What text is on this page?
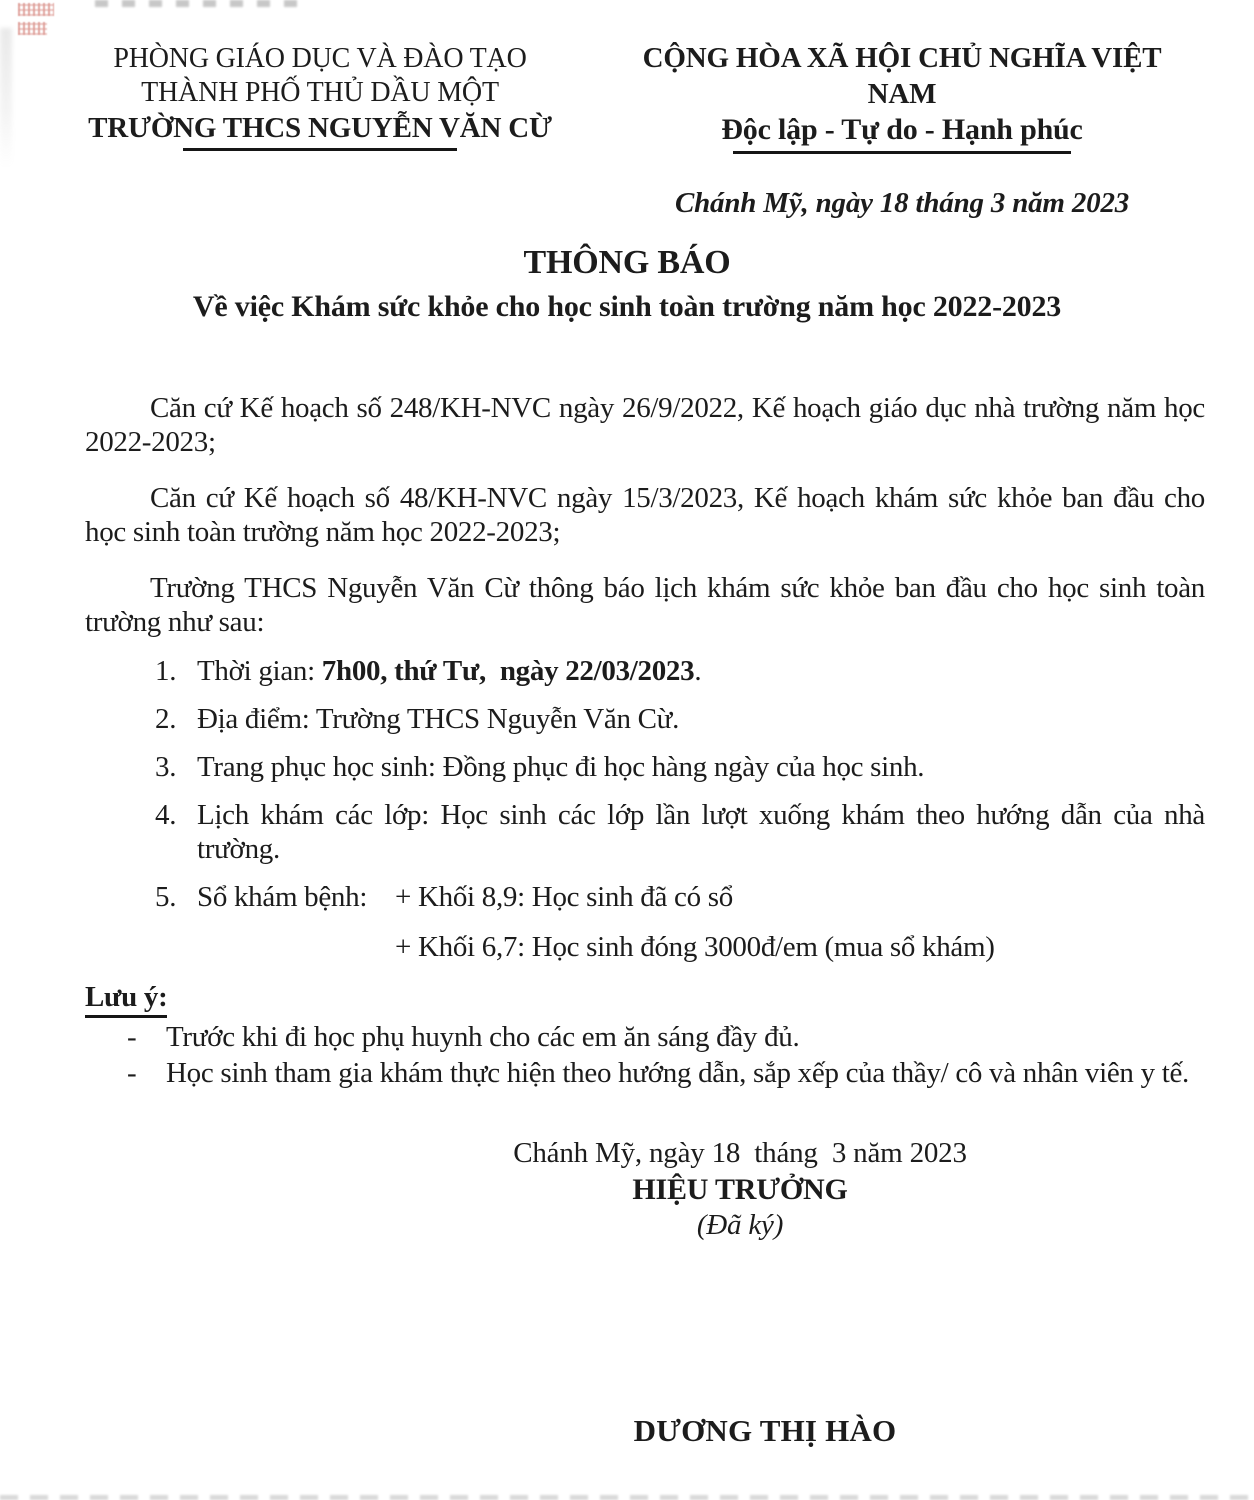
PHÒNG GIÁO DỤC VÀ ĐÀO TẠO
THÀNH PHỐ THỦ DẦU MỘT
TRƯỜNG THCS NGUYỄN VĂN CỪ
CỘNG HÒA XÃ HỘI CHỦ NGHĨA VIỆT NAM
Độc lập - Tự do - Hạnh phúc
Chánh Mỹ, ngày 18 tháng 3 năm 2023
THÔNG BÁO
Về việc Khám sức khỏe cho học sinh toàn trường năm học 2022-2023

Căn cứ Kế hoạch số 248/KH-NVC ngày 26/9/2022, Kế hoạch giáo dục nhà trường năm học 2022-2023;

Căn cứ Kế hoạch số 48/KH-NVC ngày 15/3/2023, Kế hoạch khám sức khỏe ban đầu cho học sinh toàn trường năm học 2022-2023;

Trường THCS Nguyễn Văn Cừ thông báo lịch khám sức khỏe ban đầu cho học sinh toàn trường như sau:

1. Thời gian: 7h00, thứ Tư,  ngày 22/03/2023.
2. Địa điểm: Trường THCS Nguyễn Văn Cừ.
3. Trang phục học sinh: Đồng phục đi học hàng ngày của học sinh.
4. Lịch khám các lớp: Học sinh các lớp lần lượt xuống khám theo hướng dẫn của nhà trường.
5. Sổ khám bệnh: + Khối 8,9: Học sinh đã có sổ
+ Khối 6,7: Học sinh đóng 3000đ/em (mua sổ khám)
Lưu ý:
-	Trước khi đi học phụ huynh cho các em ăn sáng đầy đủ.
-	Học sinh tham gia khám thực hiện theo hướng dẫn, sắp xếp của thầy/ cô và nhân viên y tế.
Chánh Mỹ, ngày 18  tháng  3 năm 2023
HIỆU TRƯỞNG
(Đã ký)
DƯƠNG THỊ HÀO
